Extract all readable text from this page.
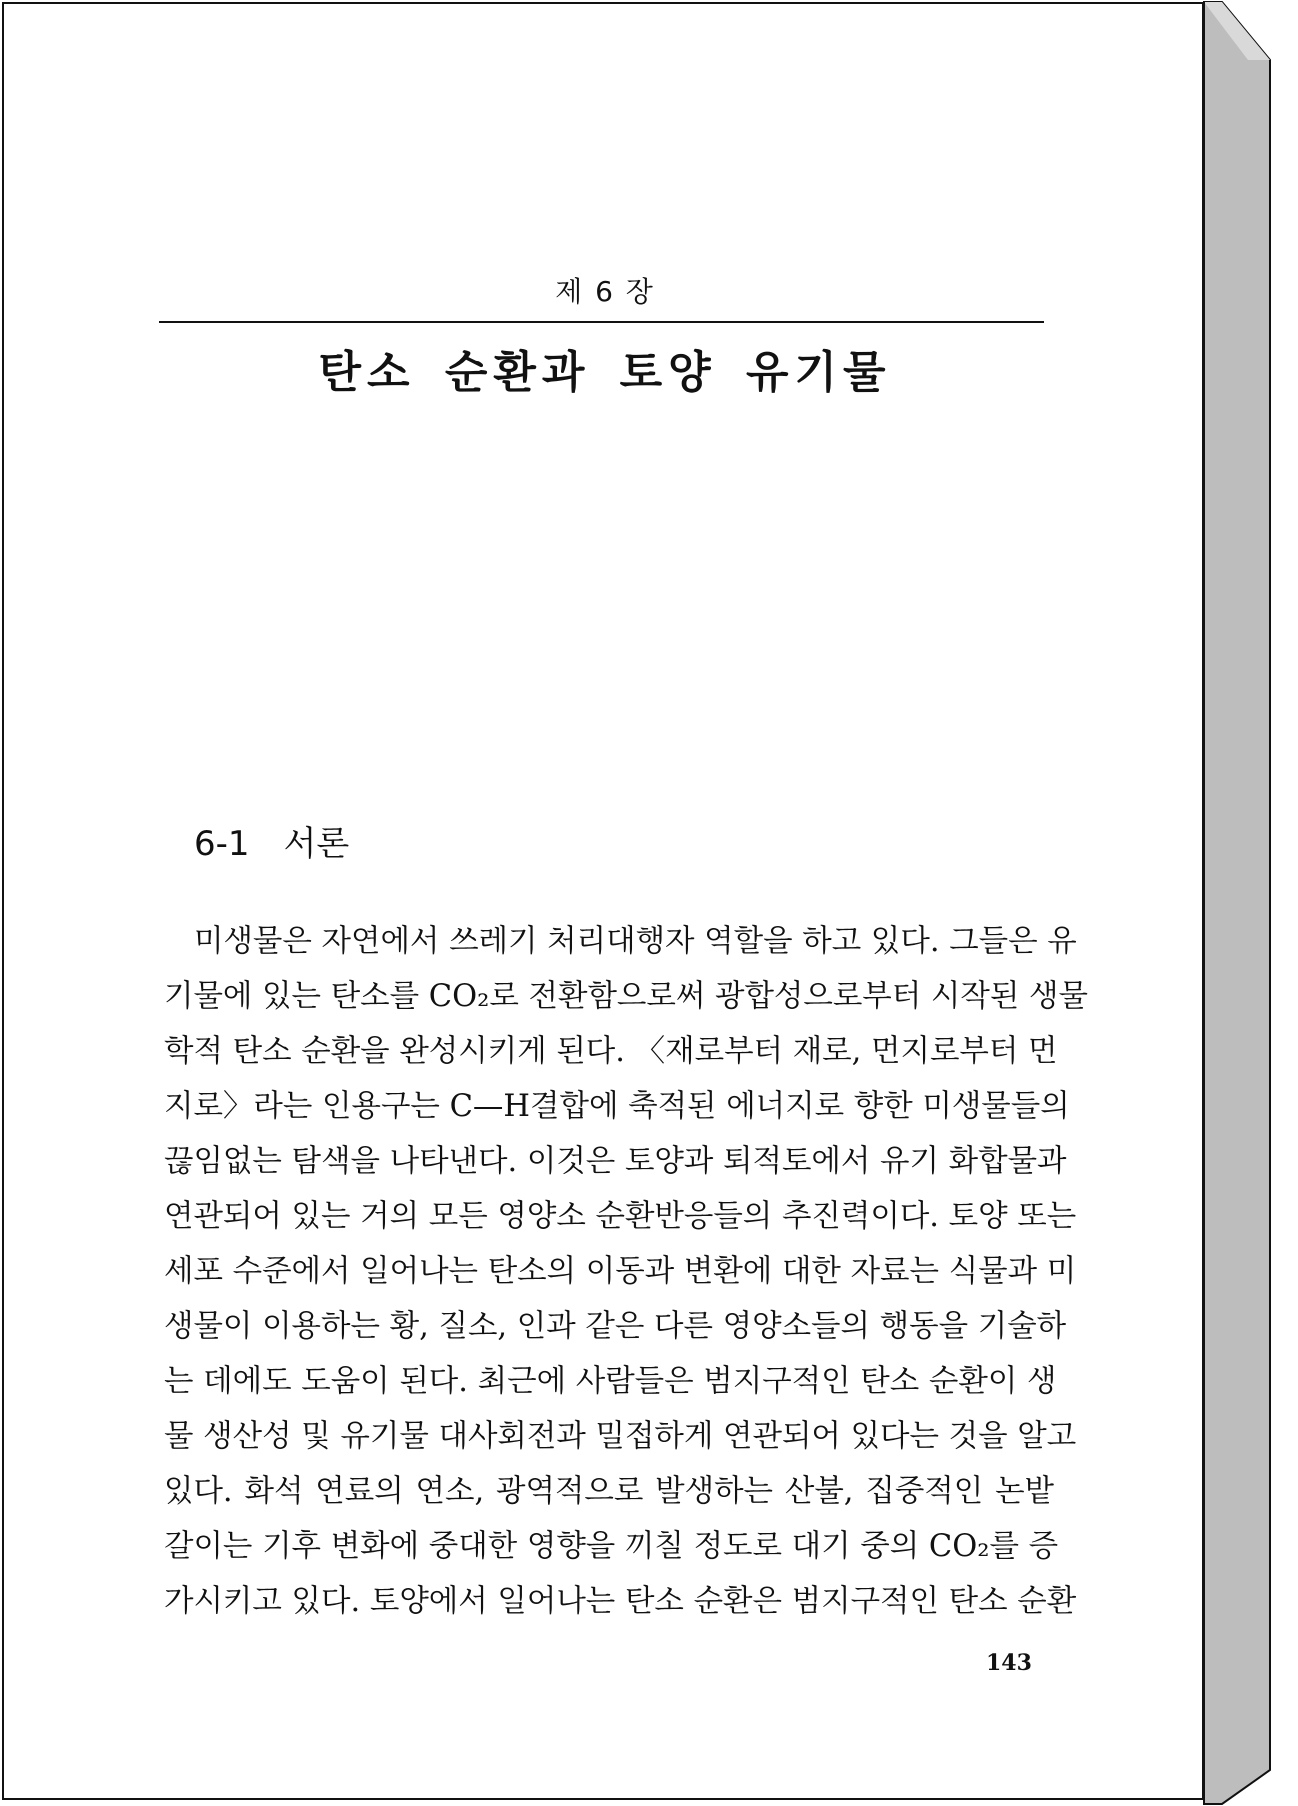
제 6 장
탄소 순환과 토양 유기물
6-1 서론
미생물은 자연에서 쓰레기 처리대행자 역할을 하고 있다. 그들은 유
기물에 있는 탄소를 CO₂로 전환함으로써 광합성으로부터 시작된 생물
학적 탄소 순환을 완성시키게 된다. 〈재로부터 재로, 먼지로부터 먼
지로〉라는 인용구는 C—H결합에 축적된 에너지로 향한 미생물들의
끊임없는 탐색을 나타낸다. 이것은 토양과 퇴적토에서 유기 화합물과
연관되어 있는 거의 모든 영양소 순환반응들의 추진력이다. 토양 또는
세포 수준에서 일어나는 탄소의 이동과 변환에 대한 자료는 식물과 미
생물이 이용하는 황, 질소, 인과 같은 다른 영양소들의 행동을 기술하
는 데에도 도움이 된다. 최근에 사람들은 범지구적인 탄소 순환이 생
물 생산성 및 유기물 대사회전과 밀접하게 연관되어 있다는 것을 알고
있다. 화석 연료의 연소, 광역적으로 발생하는 산불, 집중적인 논밭
갈이는 기후 변화에 중대한 영향을 끼칠 정도로 대기 중의 CO₂를 증
가시키고 있다. 토양에서 일어나는 탄소 순환은 범지구적인 탄소 순환
143
